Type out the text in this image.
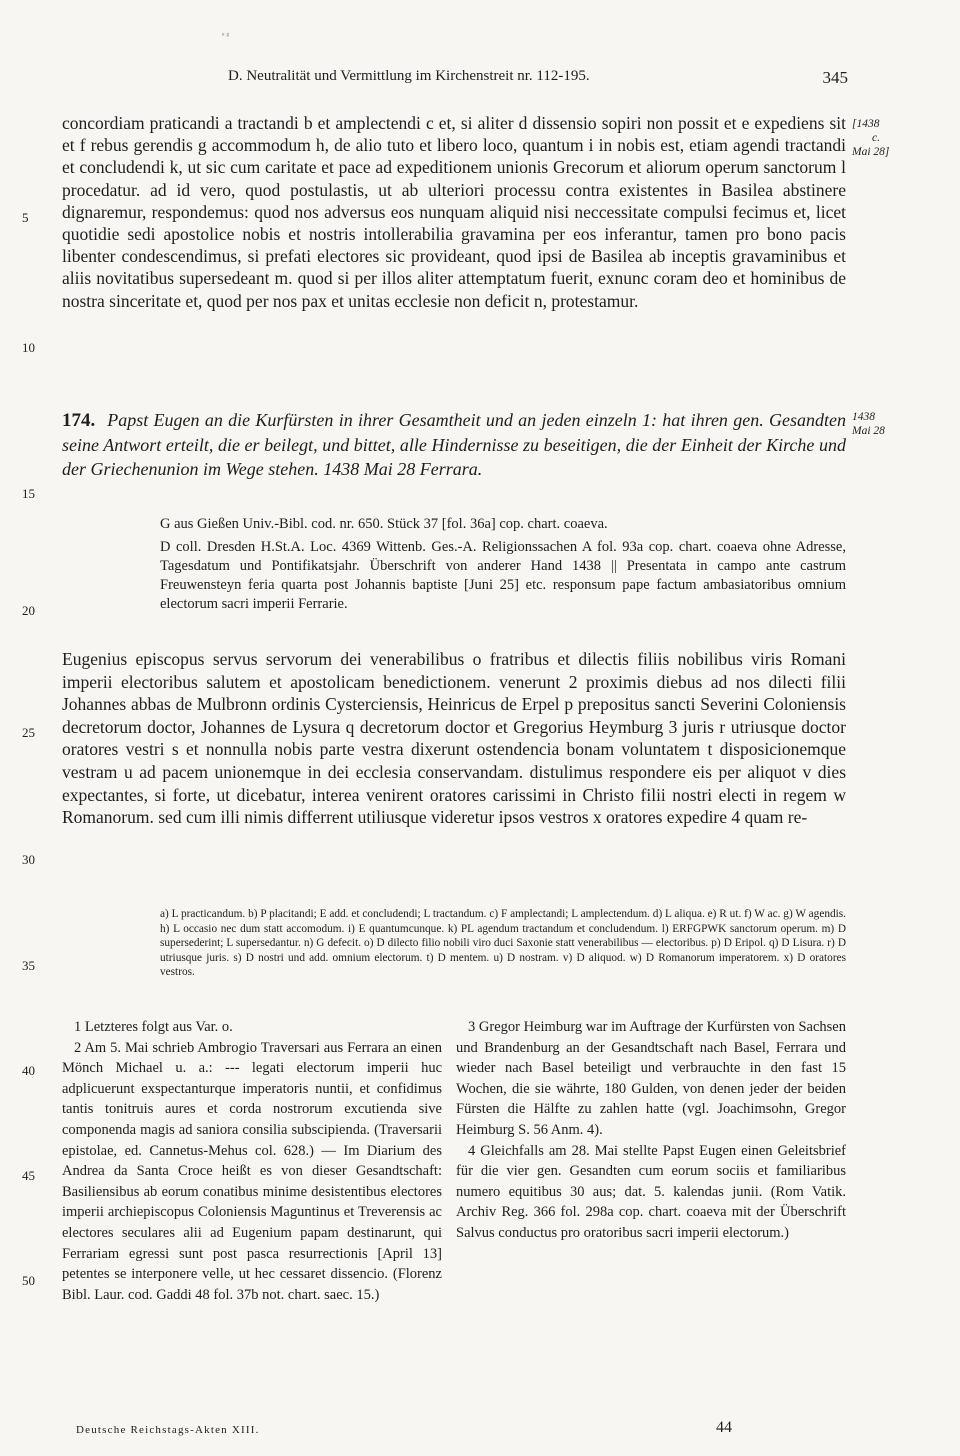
ᵉ ᵍ
D. Neutralität und Vermittlung im Kirchenstreit nr. 112-195.	345

concordiam praticandi a tractandi b et amplectendi c et, si aliter d dissensio sopiri non possit et e expediens sit et f rebus gerendis g accommodum h, de alio tuto et libero loco, quantum i in nobis est, etiam agendi tractandi et concludendi k, ut sic cum caritate et pace ad expeditionem unionis Grecorum et aliorum operum sanctorum l procedatur. ad id vero, quod postulastis, ut ab ulteriori processu contra existentes in Basilea abstinere dignaremur, respondemus: quod nos adversus eos nunquam aliquid nisi neccessitate compulsi fecimus et, licet quotidie sedi apostolice nobis et nostris intollerabilia gravamina per eos inferantur, tamen pro bono pacis libenter condescendimus, si prefati electores sic provideant, quod ipsi de Basilea ab inceptis gravaminibus et aliis novitatibus supersedeant m. quod si per illos aliter attemptatum fuerit, exnunc coram deo et hominibus de nostra sinceritate et, quod per nos pax et unitas ecclesie non deficit n, protestamur.

[1438
c.
Mai 28]
5
10

174. Papst Eugen an die Kurfürsten in ihrer Gesamtheit und an jeden einzeln 1: hat ihren gen. Gesandten seine Antwort erteilt, die er beilegt, und bittet, alle Hindernisse zu beseitigen, die der Einheit der Kirche und der Griechenunion im Wege stehen. 1438 Mai 28 Ferrara.

1438
Mai 28
15

G aus Gießen Univ.-Bibl. cod. nr. 650. Stück 37 [fol. 36a] cop. chart. coaeva.

D coll. Dresden H.St.A. Loc. 4369 Wittenb. Ges.-A. Religionssachen A fol. 93a cop. chart. coaeva ohne Adresse, Tagesdatum und Pontifikatsjahr. Überschrift von anderer Hand 1438 || Presentata in campo ante castrum Freuwensteyn feria quarta post Johannis baptiste [Juni 25] etc. responsum pape factum ambasiatoribus omnium electorum sacri imperii Ferrarie.

20

Eugenius episcopus servus servorum dei venerabilibus o fratribus et dilectis filiis nobilibus viris Romani imperii electoribus salutem et apostolicam benedictionem. venerunt 2 proximis diebus ad nos dilecti filii Johannes abbas de Mulbronn ordinis Cysterciensis, Heinricus de Erpel p prepositus sancti Severini Coloniensis decretorum doctor, Johannes de Lysura q decretorum doctor et Gregorius Heymburg 3 juris r utriusque doctor oratores vestri s et nonnulla nobis parte vestra dixerunt ostendencia bonam voluntatem t disposicionemque vestram u ad pacem unionemque in dei ecclesia conservandam. distulimus respondere eis per aliquot v dies expectantes, si forte, ut dicebatur, interea venirent oratores carissimi in Christo filii nostri electi in regem w Romanorum. sed cum illi nimis differrent utiliusque videretur ipsos vestros x oratores expedire 4 quam re-

25
30

a) L practicandum. b) P placitandi; E add. et concludendi; L tractandum. c) F amplectandi; L amplectendum. d) L aliqua. e) R ut. f) W ac. g) W agendis. h) L occasio nec dum statt accomodum. i) E quantumcunque. k) PL agendum tractandum et concludendum. l) ERFGPWK sanctorum operum. m) D supersederint; L supersedantur. n) G defecit. o) D dilecto filio nobili viro duci Saxonie statt venerabilibus — electoribus. p) D Eripol. q) D Lisura. r) D utriusque juris. s) D nostri und add. omnium electorum. t) D mentem. u) D nostram. v) D aliquod. w) D Romanorum imperatorem. x) D oratores vestros.

35
40
45
50

1 Letzteres folgt aus Var. o.

2 Am 5. Mai schrieb Ambrogio Traversari aus Ferrara an einen Mönch Michael u. a.: --- legati electorum imperii huc adplicuerunt exspectanturque imperatoris nuntii, et confidimus tantis tonitruis aures et corda nostrorum excutienda sive componenda magis ad saniora consilia subscipienda. (Traversarii epistolae, ed. Cannetus-Mehus col. 628.) — Im Diarium des Andrea da Santa Croce heißt es von dieser Gesandtschaft: Basiliensibus ab eorum conatibus minime desistentibus electores imperii archiepiscopus Coloniensis Maguntinus et Treverensis ac electores seculares alii ad Eugenium papam destinarunt, qui Ferrariam egressi sunt post pasca resurrectionis [April 13] petentes se interponere velle, ut hec cessaret dissencio. (Florenz Bibl. Laur. cod. Gaddi 48 fol. 37b not. chart. saec. 15.)

3 Gregor Heimburg war im Auftrage der Kurfürsten von Sachsen und Brandenburg an der Gesandtschaft nach Basel, Ferrara und wieder nach Basel beteiligt und verbrauchte in den fast 15 Wochen, die sie währte, 180 Gulden, von denen jeder der beiden Fürsten die Hälfte zu zahlen hatte (vgl. Joachimsohn, Gregor Heimburg S. 56 Anm. 4).

4 Gleichfalls am 28. Mai stellte Papst Eugen einen Geleitsbrief für die vier gen. Gesandten cum eorum sociis et familiaribus numero equitibus 30 aus; dat. 5. kalendas junii. (Rom Vatik. Archiv Reg. 366 fol. 298a cop. chart. coaeva mit der Überschrift Salvus conductus pro oratoribus sacri imperii electorum.)

Deutsche Reichstags-Akten XIII.	44
